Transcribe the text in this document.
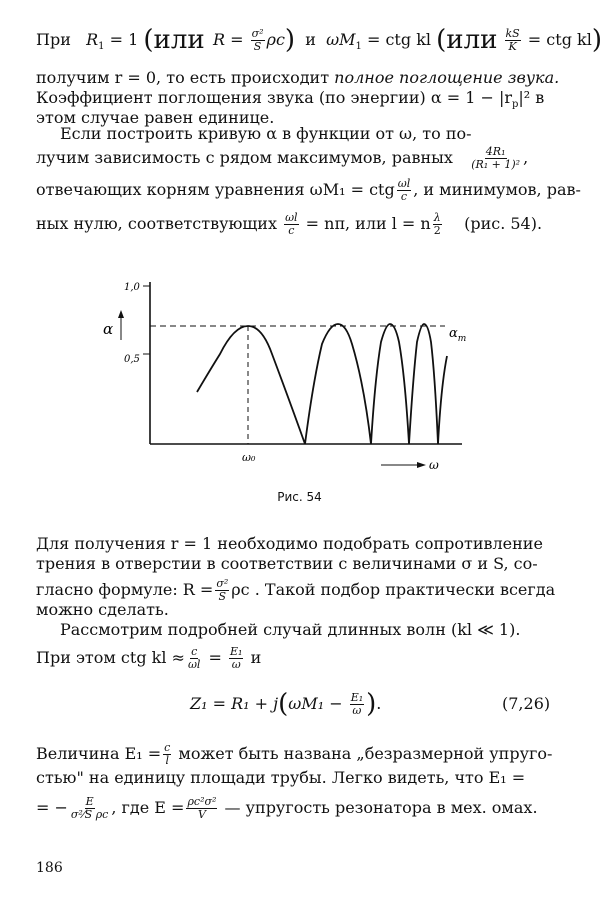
При $R_1 = 1$ (или $R = \frac{\text{σ²}}{S} \rho c$) и $\omega M_1$ = ctg kl ($или \frac{kS}{K}$ = ctg kl)
получим r = 0, то есть происходит полное поглощение звука.
Коэффициент поглощения звука (по энергии) $\alpha = 1 - |r_p|^2$ в
этом случае равен единице.
Если построить кривую α в функции от ω, то по-
лучим зависимость с рядом максимумов, равных $\frac{\text{4R₁}}{\text{(R₁ + 1)²}}$ ,
отвечающих корням уравнения ωM₁ = ctg $\frac{\omega l}{c}$ , и минимумов, рав-
ных нулю, соответствующих $\frac{\omega l}{c} = n\pi$, или l = n $\frac{\lambda}{2} (рис$. 54).
1,0
0,5
α
ω₀
ω
$\alpha_m$
Рис. 54
Для получения r = 1 необходимо подобрать сопротивление
трения в отверстии в соответствии с величинами σ и S, со-
гласно формуле: $R = \frac{\text{σ²}}{S}$ ρc . Такой подбор практически всегда
можно сделать.
Рассмотрим подробней случай длинных волн (kl ≪ 1).
При этом ctg kl ≈ $\frac{c}{\omega l} = \frac{\text{E₁}}{\omega}$ и
$Z_1 = R_1 + j(\omega M_1 - \frac{\text{E₁}}{\omega}$ ).	(7,26)
Величина $E_1 = \frac{c}{l}$ может быть названа „безразмерной упруго-
стью" на единицу площади трубы. Легко видеть, что E₁ =
= − $\frac{E}{\text{σ²⁄S ρc}}$ , где $E = \frac{\text{ρc²σ²}}{V}$ — упругость резонатора в мех. омах.
186
